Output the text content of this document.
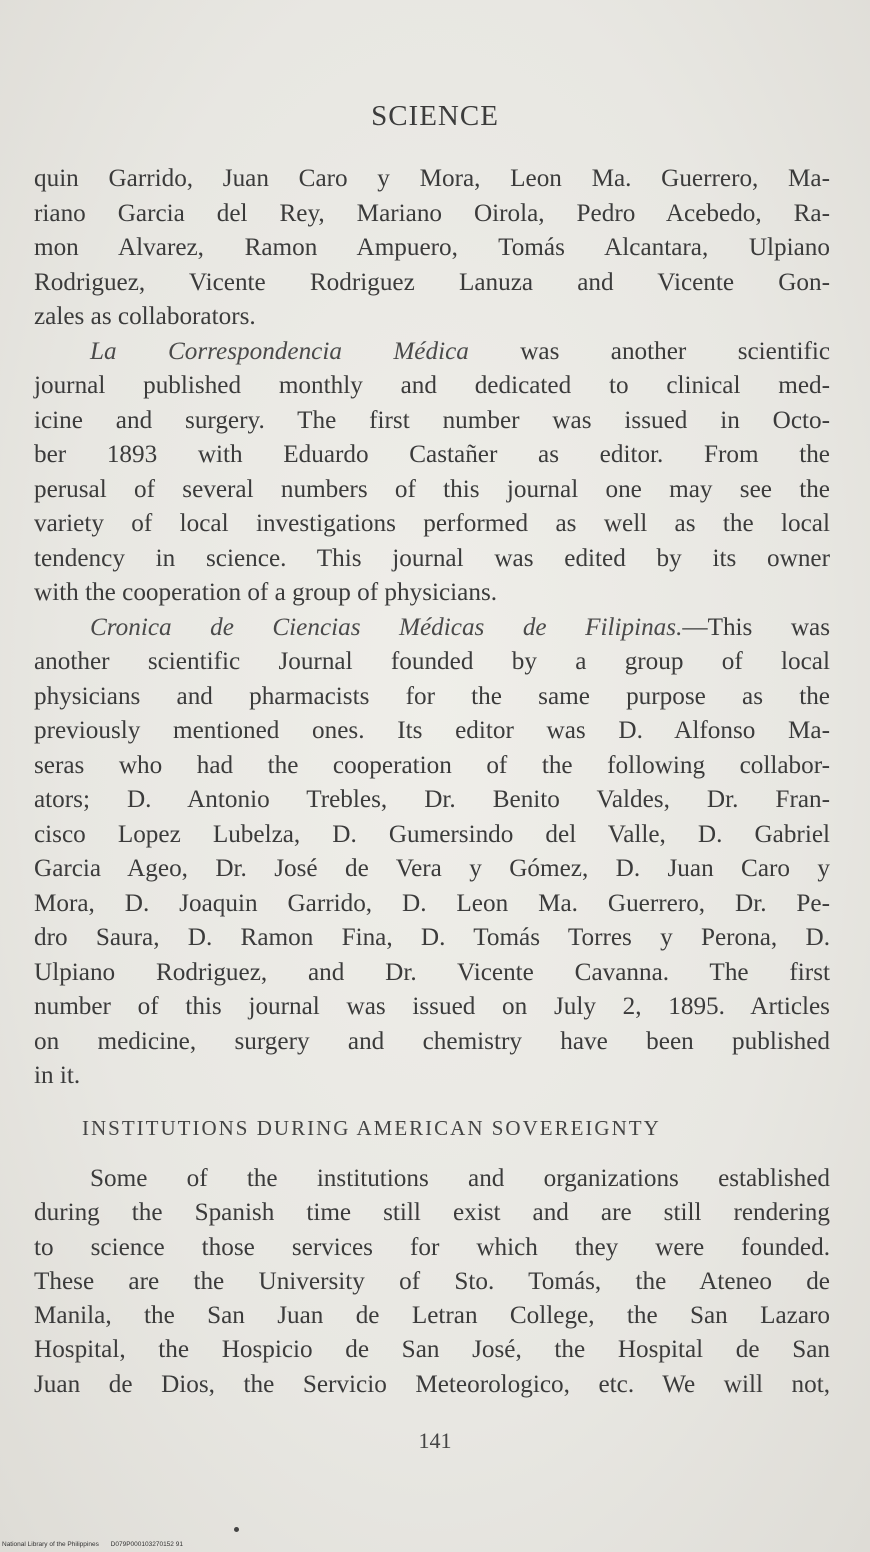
SCIENCE
quin Garrido, Juan Caro y Mora, Leon Ma. Guerrero, Ma-
riano Garcia del Rey, Mariano Oirola, Pedro Acebedo, Ra-
mon Alvarez, Ramon Ampuero, Tomás Alcantara, Ulpiano
Rodriguez, Vicente Rodriguez Lanuza and Vicente Gon-
zales as collaborators.
La Correspondencia Médica was another scientific
journal published monthly and dedicated to clinical med-
icine and surgery. The first number was issued in Octo-
ber 1893 with Eduardo Castañer as editor. From the
perusal of several numbers of this journal one may see the
variety of local investigations performed as well as the local
tendency in science. This journal was edited by its owner
with the cooperation of a group of physicians.
Cronica de Ciencias Médicas de Filipinas.—This was
another scientific Journal founded by a group of local
physicians and pharmacists for the same purpose as the
previously mentioned ones. Its editor was D. Alfonso Ma-
seras who had the cooperation of the following collabor-
ators; D. Antonio Trebles, Dr. Benito Valdes, Dr. Fran-
cisco Lopez Lubelza, D. Gumersindo del Valle, D. Gabriel
Garcia Ageo, Dr. José de Vera y Gómez, D. Juan Caro y
Mora, D. Joaquin Garrido, D. Leon Ma. Guerrero, Dr. Pe-
dro Saura, D. Ramon Fina, D. Tomás Torres y Perona, D.
Ulpiano Rodriguez, and Dr. Vicente Cavanna. The first
number of this journal was issued on July 2, 1895. Articles
on medicine, surgery and chemistry have been published
in it.
INSTITUTIONS DURING AMERICAN SOVEREIGNTY
Some of the institutions and organizations established
during the Spanish time still exist and are still rendering
to science those services for which they were founded.
These are the University of Sto. Tomás, the Ateneo de
Manila, the San Juan de Letran College, the San Lazaro
Hospital, the Hospicio de San José, the Hospital de San
Juan de Dios, the Servicio Meteorologico, etc. We will not,
141
National Library of the Philippines D079P000103270152 91
